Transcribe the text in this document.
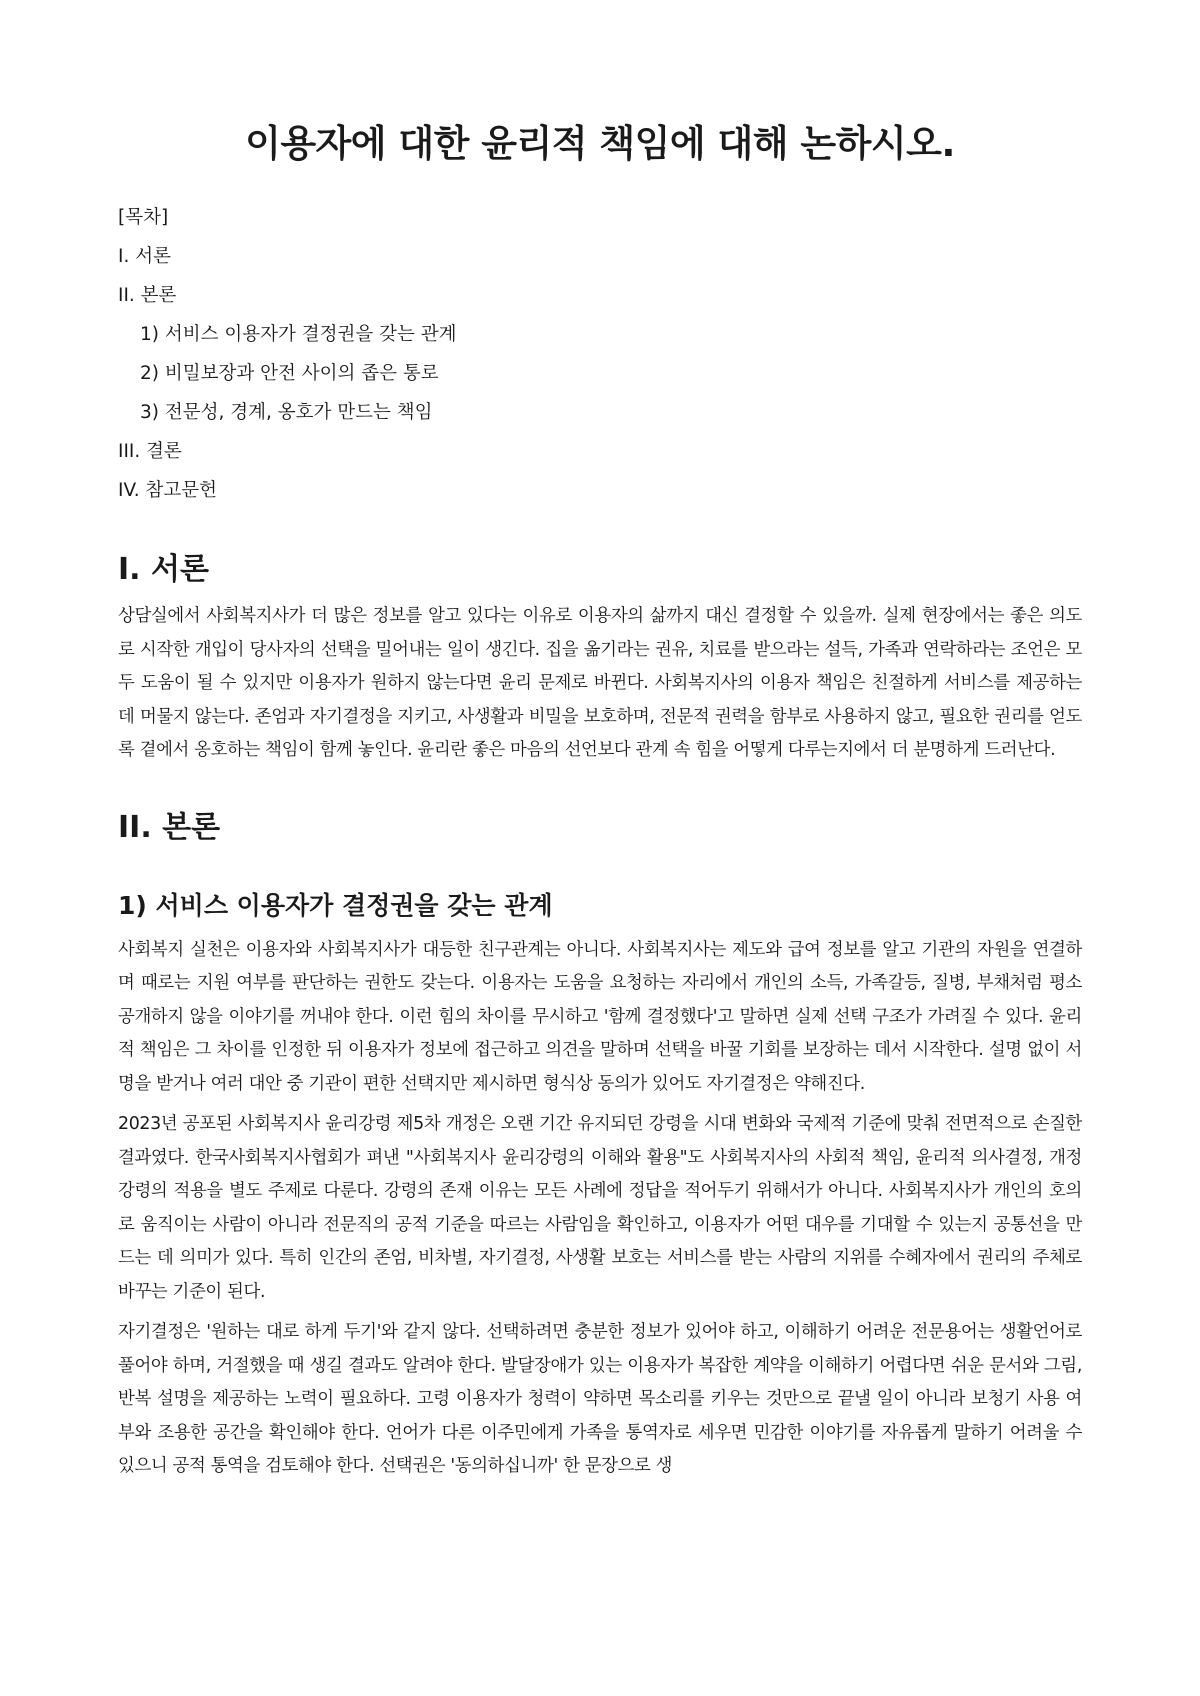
이용자에 대한 윤리적 책임에 대해 논하시오.
[목차]
I. 서론
II. 본론
1) 서비스 이용자가 결정권을 갖는 관계
2) 비밀보장과 안전 사이의 좁은 통로
3) 전문성, 경계, 옹호가 만드는 책임
III. 결론
IV. 참고문헌
I. 서론

상담실에서 사회복지사가 더 많은 정보를 알고 있다는 이유로 이용자의 삶까지 대신 결정할 수 있을까. 실제 현장에서는 좋은 의도로 시작한 개입이 당사자의 선택을 밀어내는 일이 생긴다. 집을 옮기라는 권유, 치료를 받으라는 설득, 가족과 연락하라는 조언은 모두 도움이 될 수 있지만 이용자가 원하지 않는다면 윤리 문제로 바뀐다. 사회복지사의 이용자 책임은 친절하게 서비스를 제공하는 데 머물지 않는다. 존엄과 자기결정을 지키고, 사생활과 비밀을 보호하며, 전문적 권력을 함부로 사용하지 않고, 필요한 권리를 얻도록 곁에서 옹호하는 책임이 함께 놓인다. 윤리란 좋은 마음의 선언보다 관계 속 힘을 어떻게 다루는지에서 더 분명하게 드러난다.

II. 본론
1) 서비스 이용자가 결정권을 갖는 관계

사회복지 실천은 이용자와 사회복지사가 대등한 친구관계는 아니다. 사회복지사는 제도와 급여 정보를 알고 기관의 자원을 연결하며 때로는 지원 여부를 판단하는 권한도 갖는다. 이용자는 도움을 요청하는 자리에서 개인의 소득, 가족갈등, 질병, 부채처럼 평소 공개하지 않을 이야기를 꺼내야 한다. 이런 힘의 차이를 무시하고 '함께 결정했다'고 말하면 실제 선택 구조가 가려질 수 있다. 윤리적 책임은 그 차이를 인정한 뒤 이용자가 정보에 접근하고 의견을 말하며 선택을 바꿀 기회를 보장하는 데서 시작한다. 설명 없이 서명을 받거나 여러 대안 중 기관이 편한 선택지만 제시하면 형식상 동의가 있어도 자기결정은 약해진다.

2023년 공포된 사회복지사 윤리강령 제5차 개정은 오랜 기간 유지되던 강령을 시대 변화와 국제적 기준에 맞춰 전면적으로 손질한 결과였다. 한국사회복지사협회가 펴낸 "사회복지사 윤리강령의 이해와 활용"도 사회복지사의 사회적 책임, 윤리적 의사결정, 개정 강령의 적용을 별도 주제로 다룬다. 강령의 존재 이유는 모든 사례에 정답을 적어두기 위해서가 아니다. 사회복지사가 개인의 호의로 움직이는 사람이 아니라 전문직의 공적 기준을 따르는 사람임을 확인하고, 이용자가 어떤 대우를 기대할 수 있는지 공통선을 만드는 데 의미가 있다. 특히 인간의 존엄, 비차별, 자기결정, 사생활 보호는 서비스를 받는 사람의 지위를 수혜자에서 권리의 주체로 바꾸는 기준이 된다.

자기결정은 '원하는 대로 하게 두기'와 같지 않다. 선택하려면 충분한 정보가 있어야 하고, 이해하기 어려운 전문용어는 생활언어로 풀어야 하며, 거절했을 때 생길 결과도 알려야 한다. 발달장애가 있는 이용자가 복잡한 계약을 이해하기 어렵다면 쉬운 문서와 그림, 반복 설명을 제공하는 노력이 필요하다. 고령 이용자가 청력이 약하면 목소리를 키우는 것만으로 끝낼 일이 아니라 보청기 사용 여부와 조용한 공간을 확인해야 한다. 언어가 다른 이주민에게 가족을 통역자로 세우면 민감한 이야기를 자유롭게 말하기 어려울 수 있으니 공적 통역을 검토해야 한다. 선택권은 '동의하십니까' 한 문장으로 생
